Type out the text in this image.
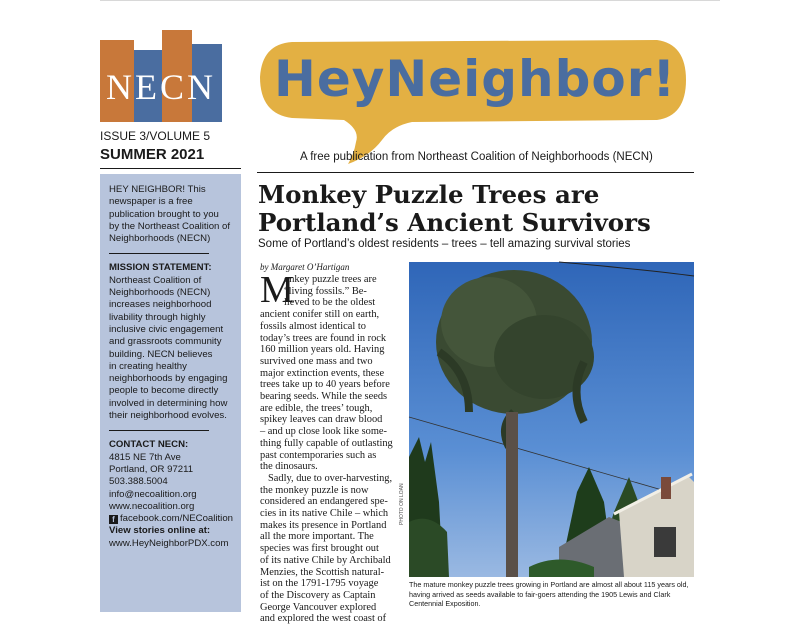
NECN HeyNeighbor!
ISSUE 3/VOLUME 5
SUMMER 2021	A free publication from Northeast Coalition of Neighborhoods (NECN)

HEY NEIGHBOR! This

newspaper is a free

publication brought to you

by the Northeast Coalition of

Neighborhoods (NECN)

MISSION STATEMENT:

Northeast Coalition of

Neighborhoods (NECN)

increases neighborhood

livability through highly

inclusive civic engagement

and grassroots community

building. NECN believes

in creating healthy

neighborhoods by engaging

people to become directly

involved in determining how

their neighborhood evolves.

CONTACT NECN:

4815 NE 7th Ave

Portland, OR 97211

503.388.5004

info@necoalition.org

www.necoalition.org

f facebook.com/NECoalition

View stories online at:

www.HeyNeighborPDX.com

Monkey Puzzle Trees are
Portland’s Ancient Survivors
Some of Portland’s oldest residents – trees – tell amazing survival stories
by Margaret O’Hartigan
M
onkey puzzle trees are
“living fossils.” Be-
lieved to be the oldest
ancient conifer still on earth,
fossils almost identical to
today’s trees are found in rock
160 million years old. Having
survived one mass and two
major extinction events, these
trees take up to 40 years before
bearing seeds. While the seeds
are edible, the trees’ tough,
spikey leaves can draw blood
– and up close look like some-
thing fully capable of outlasting
past contemporaries such as
the dinosaurs.
Sadly, due to over-harvesting,
the monkey puzzle is now
considered an endangered spe-
cies in its native Chile – which
makes its presence in Portland
all the more important. The
species was first brought out
of its native Chile by Archibald
Menzies, the Scottish natural-
ist on the 1791-1795 voyage
of the Discovery as Captain
George Vancouver explored
and explored the west coast of
PHOTO ON LOAN
The mature monkey puzzle trees growing in Portland are almost all about 115 years old, having arrived as seeds available to fair-goers attending the 1905 Lewis and Clark Centennial Exposition.
